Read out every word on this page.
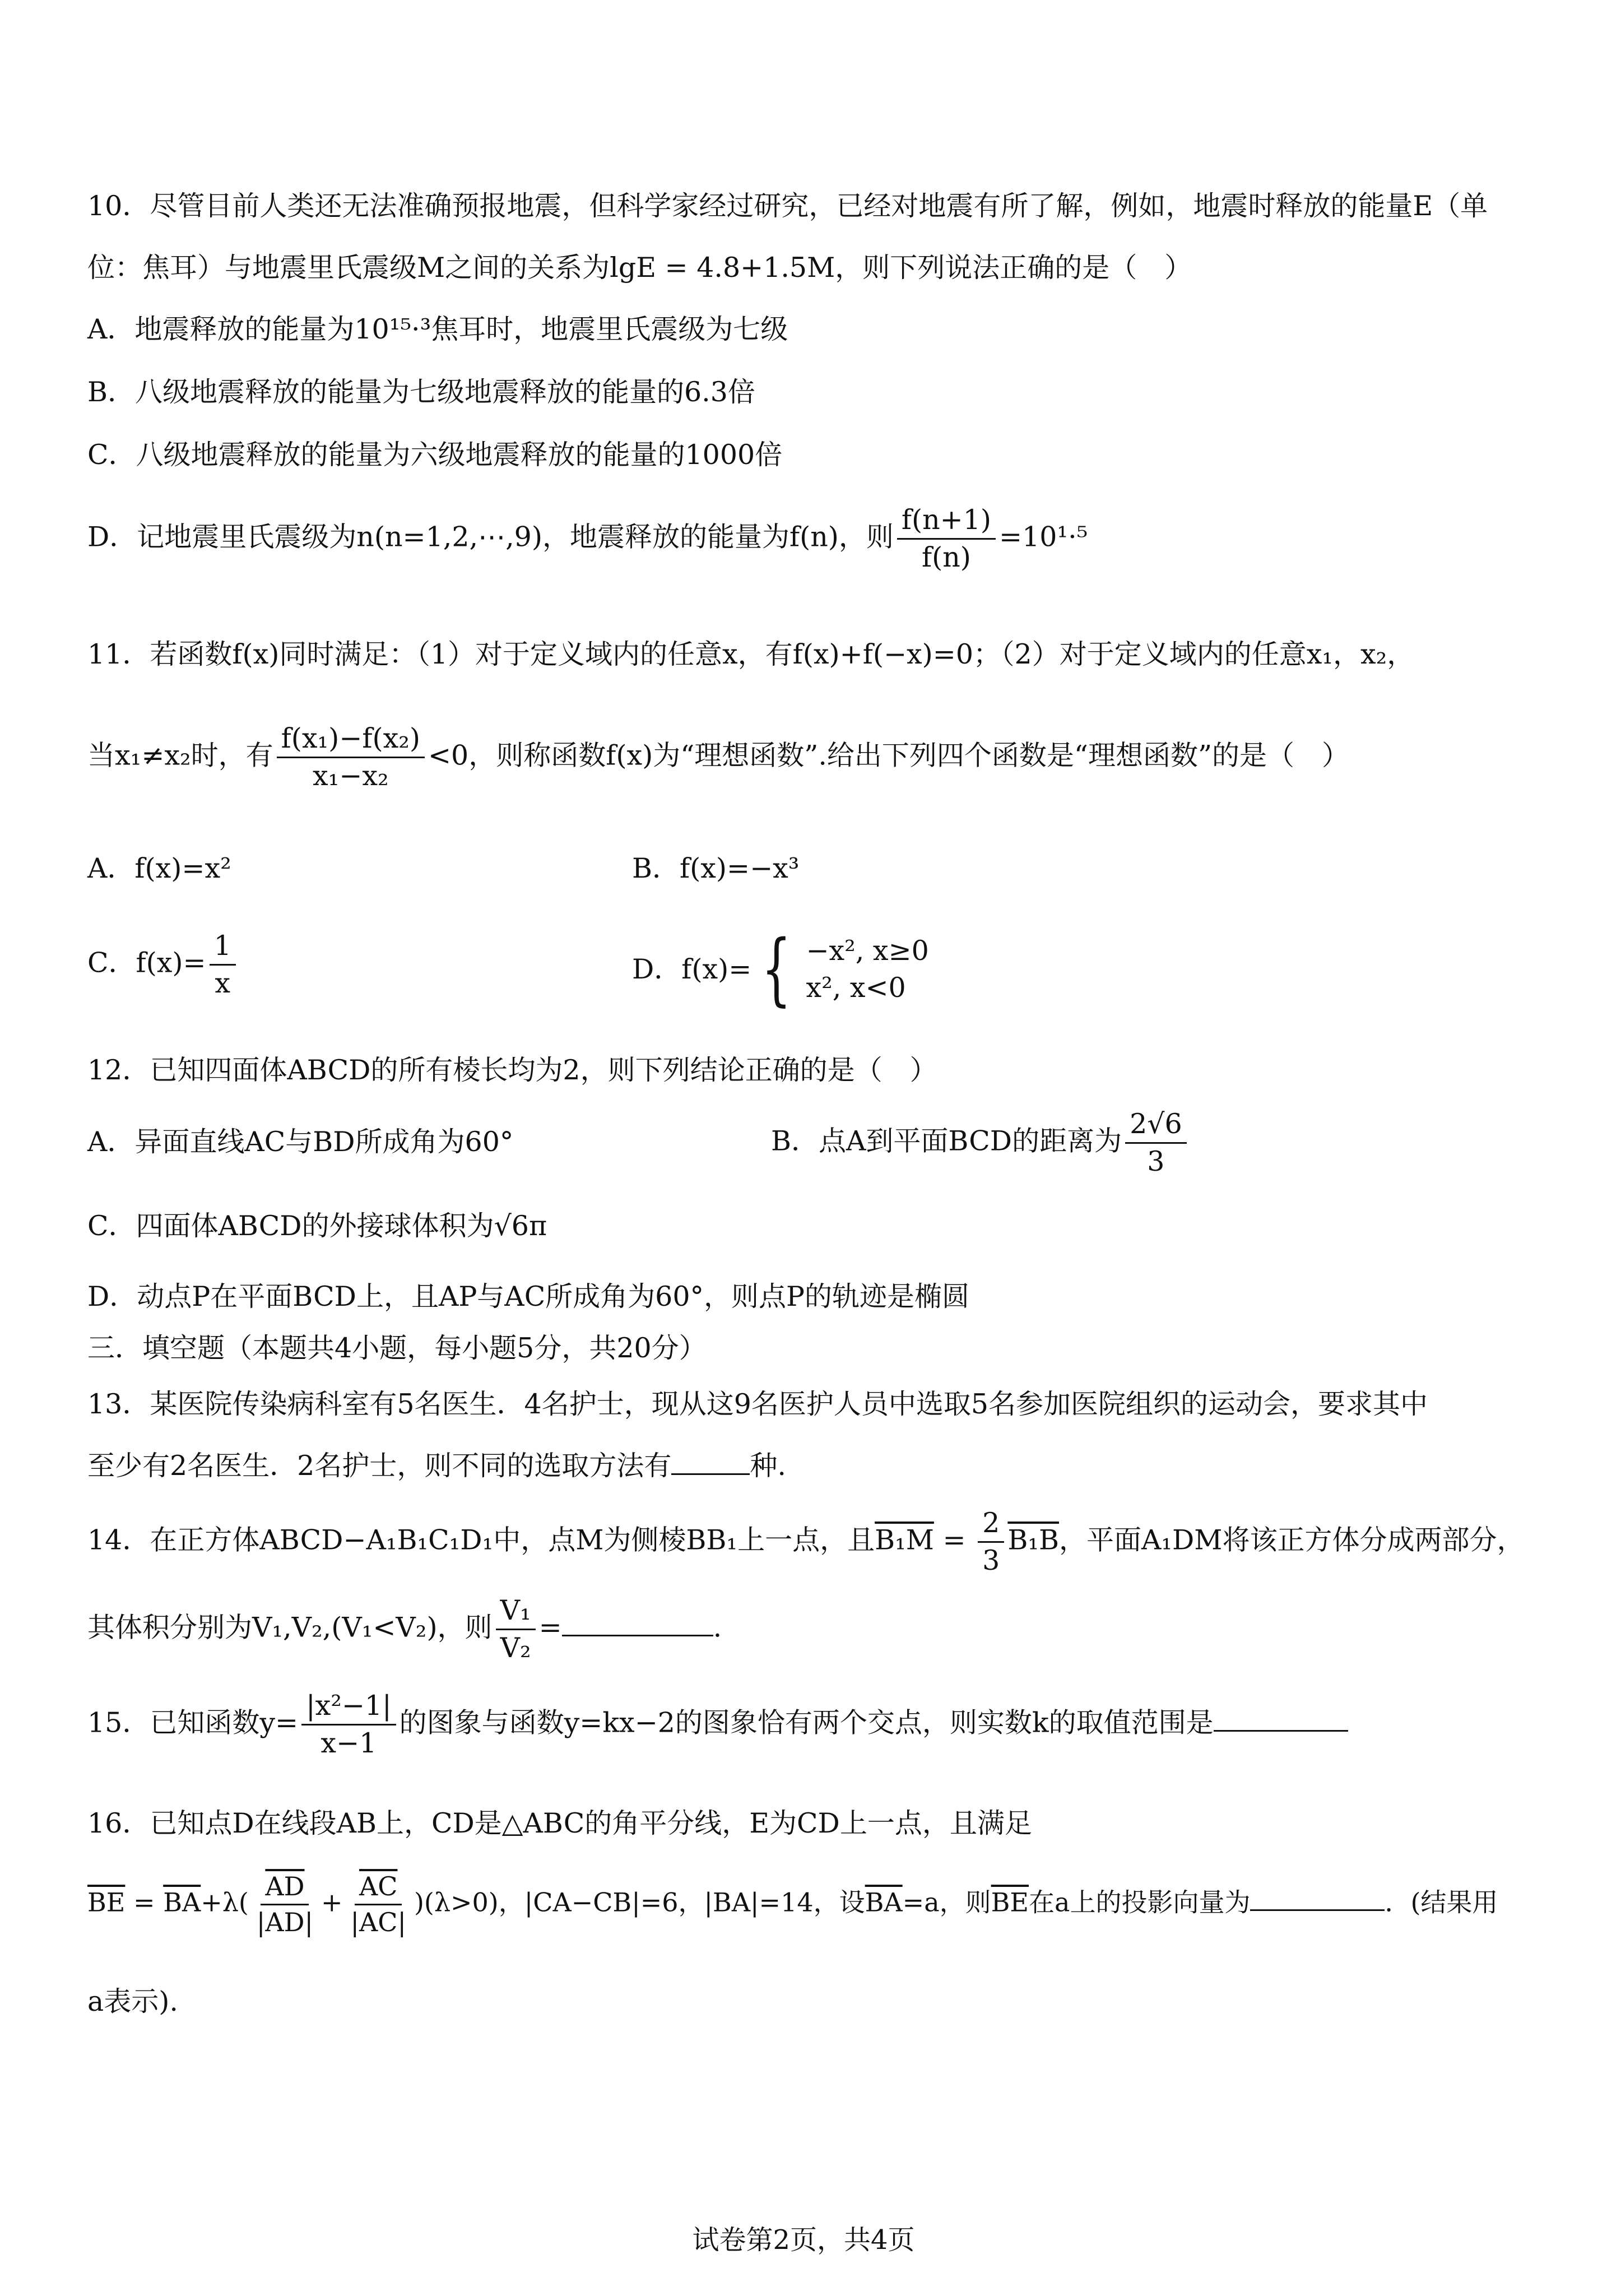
10．尽管目前人类还无法准确预报地震，但科学家经过研究，已经对地震有所了解，例如，地震时释放的能量E（单
位：焦耳）与地震里氏震级M之间的关系为lgE = 4.8+1.5M，则下列说法正确的是（　）
A．地震释放的能量为10¹⁵·³焦耳时，地震里氏震级为七级
B．八级地震释放的能量为七级地震释放的能量的6.3倍
C．八级地震释放的能量为六级地震释放的能量的1000倍
D．记地震里氏震级为n(n=1,2,⋯,9)，地震释放的能量为f(n)，则 $\frac{f(n+1)}{f(n)} =10^1\cdot^5$
11．若函数f(x)同时满足：（1）对于定义域内的任意x，有f(x)+f(−x)=0；（2）对于定义域内的任意x₁，x₂，
当x₁≠x₂时，有 $\frac{\text{f(x₁)−f(x₂)}}{\text{x₁−x₂}} <0$，则称函数f(x)为“理想函数”.给出下列四个函数是“理想函数”的是（　）
A．f(x)=x²	B．f(x)=−x³
C．$f(x)= \frac{1}{x}$	D．f(x)= { −x², x≥0
x², x<0
12．已知四面体ABCD的所有棱长均为2，则下列结论正确的是（　）
A．异面直线AC与BD所成角为60°	B．点A到平面BCD的距离为 $\frac{2√6}{3}$
C．四面体ABCD的外接球体积为√6π
D．动点P在平面BCD上，且AP与AC所成角为60°，则点P的轨迹是椭圆
三．填空题（本题共4小题，每小题5分，共20分）
13．某医院传染病科室有5名医生．4名护士，现从这9名医护人员中选取5名参加医院组织的运动会，要求其中
至少有2名医生．2名护士，则不同的选取方法有	种.
14．在正方体ABCD−A₁B₁C₁D₁中，点M为侧棱BB₁上一点，且$B_1M = \frac{2}{3} B_1B$，平面A₁DM将该正方体分成两部分，
其体积分别为V₁,V₂,(V₁<V₂)，则 $\frac{\text{V₁}}{\text{V₂}}$ =	.
15．已知函数$y= \frac{\text{|x²−1|}}{x-1}$ 的图象与函数y=kx−2的图象恰有两个交点，则实数k的取值范围是
16．已知点D在线段AB上，CD是△ABC的角平分线，E为CD上一点，且满足
$\overline{BE} = \overline{BA}+\lambda( \frac{\overline{AD}}{|AD|} + \frac{\overline{AC}}{|AC|} )(\lambda>0)$，|CA−CB|=6，|BA|=14，设$\overline{BA}=a$，则$\overline{BE}$在a上的投影向量为	．(结果用
a表示).
试卷第2页，共4页
